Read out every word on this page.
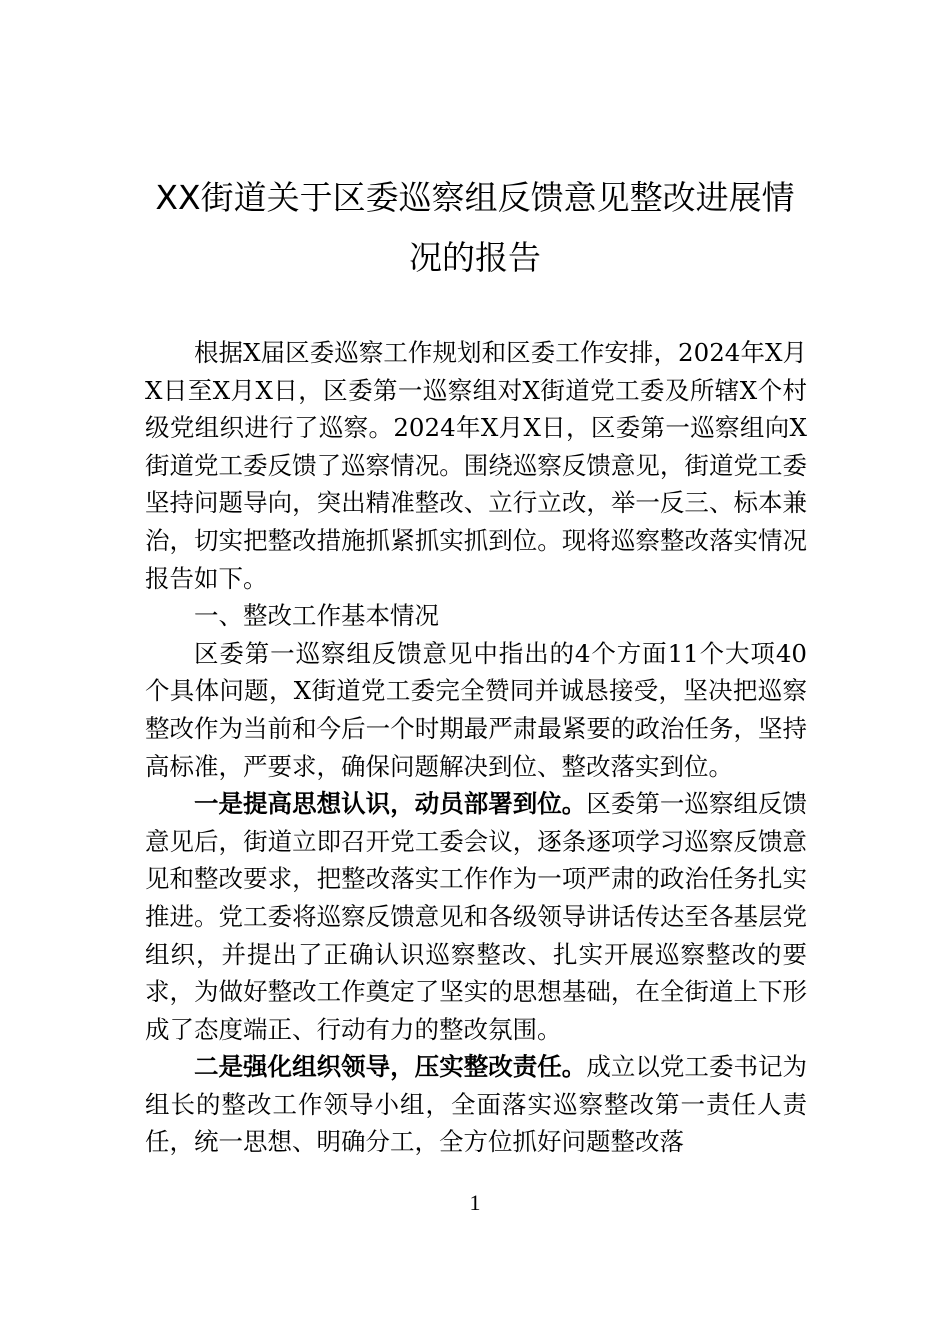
XX街道关于区委巡察组反馈意见整改进展情况的报告

根据X届区委巡察工作规划和区委工作安排，2024年X月X日至X月X日，区委第一巡察组对X街道党工委及所辖X个村级党组织进行了巡察。2024年X月X日，区委第一巡察组向X街道党工委反馈了巡察情况。围绕巡察反馈意见，街道党工委坚持问题导向，突出精准整改、立行立改，举一反三、标本兼治，切实把整改措施抓紧抓实抓到位。现将巡察整改落实情况报告如下。

一、整改工作基本情况

区委第一巡察组反馈意见中指出的4个方面11个大项40个具体问题，X街道党工委完全赞同并诚恳接受，坚决把巡察整改作为当前和今后一个时期最严肃最紧要的政治任务，坚持高标准，严要求，确保问题解决到位、整改落实到位。

一是提高思想认识，动员部署到位。区委第一巡察组反馈意见后，街道立即召开党工委会议，逐条逐项学习巡察反馈意见和整改要求，把整改落实工作作为一项严肃的政治任务扎实推进。党工委将巡察反馈意见和各级领导讲话传达至各基层党组织，并提出了正确认识巡察整改、扎实开展巡察整改的要求，为做好整改工作奠定了坚实的思想基础，在全街道上下形成了态度端正、行动有力的整改氛围。

二是强化组织领导，压实整改责任。成立以党工委书记为组长的整改工作领导小组，全面落实巡察整改第一责任人责任，统一思想、明确分工，全方位抓好问题整改落

1
